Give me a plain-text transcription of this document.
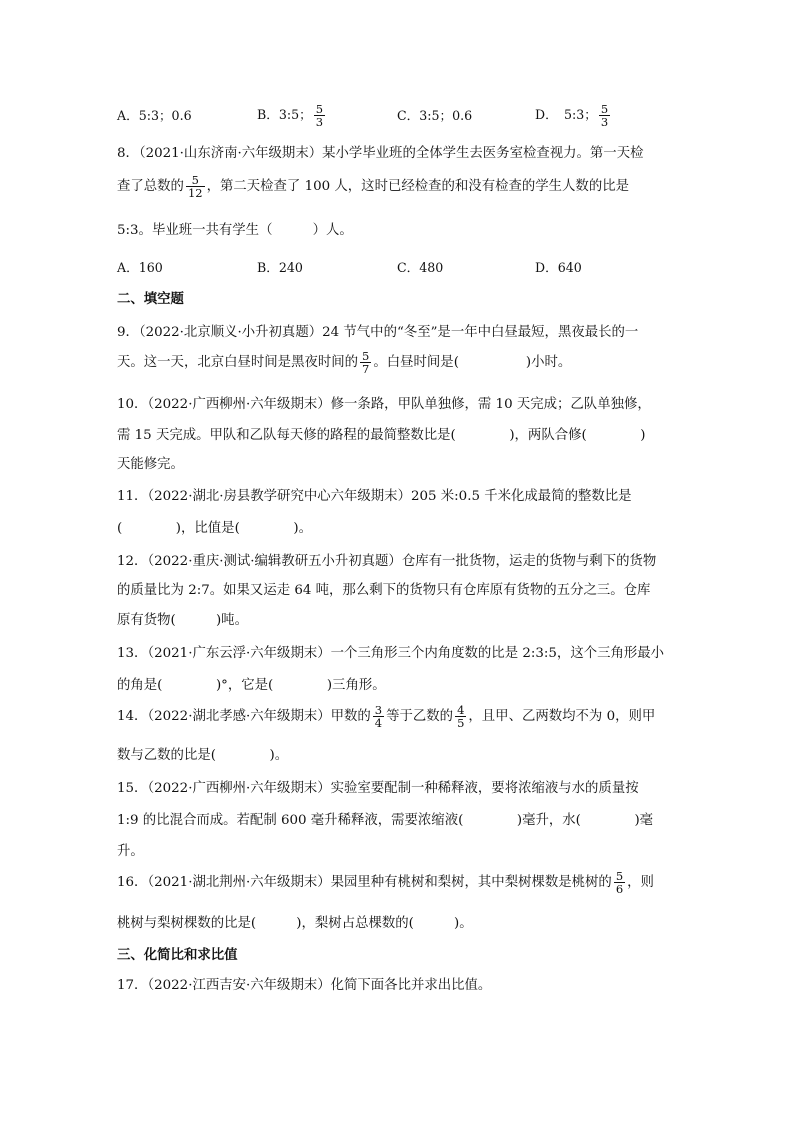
A．5:3；0.6	B．3:5； $\frac{5}{3}$	C．3:5；0.6	D．　5:3； $\frac{5}{3}$
8．（2021·山东济南·六年级期末）某小学毕业班的全体学生去医务室检查视力。第一天检
查了总数的 $\frac{5}{12}$ ，第二天检查了 100 人，这时已经检查的和没有检查的学生人数的比是
5:3。毕业班一共有学生（　　　）人。
A．160	B．240	C．480	D．640
二、填空题
9．（2022·北京顺义·小升初真题）24 节气中的“冬至”是一年中白昼最短，黑夜最长的一
天。这一天，北京白昼时间是黑夜时间的 $\frac{5}{7}$ 。白昼时间是(　　　　　)小时。
10．（2022·广西柳州·六年级期末）修一条路，甲队单独修，需 10 天完成；乙队单独修，
需 15 天完成。甲队和乙队每天修的路程的最简整数比是(　　　　)，两队合修(　　　　)
天能修完。
11．（2022·湖北·房县教学研究中心六年级期末）205 米:0.5 千米化成最简的整数比是
(　　　　)，比值是(　　　　)。
12．（2022·重庆·测试·编辑教研五小升初真题）仓库有一批货物，运走的货物与剩下的货物
的质量比为 2:7。如果又运走 64 吨，那么剩下的货物只有仓库原有货物的五分之三。仓库
原有货物(　　　)吨。
13．（2021·广东云浮·六年级期末）一个三角形三个内角度数的比是 2:3:5，这个三角形最小
的角是(　　　　)°，它是(　　　　)三角形。
14．（2022·湖北孝感·六年级期末）甲数的 $\frac{3}{4}$ 等于乙数的 $\frac{4}{5}$ ，且甲、乙两数均不为 0，则甲
数与乙数的比是(　　　　)。
15．（2022·广西柳州·六年级期末）实验室要配制一种稀释液，要将浓缩液与水的质量按
1:9 的比混合而成。若配制 600 毫升稀释液，需要浓缩液(　　　　)毫升，水(　　　　)毫
升。
16．（2021·湖北荆州·六年级期末）果园里种有桃树和梨树，其中梨树棵数是桃树的 $\frac{5}{6}$ ，则
桃树与梨树棵数的比是(　　　)，梨树占总棵数的(　　　)。
三、化简比和求比值
17．（2022·江西吉安·六年级期末）化简下面各比并求出比值。
